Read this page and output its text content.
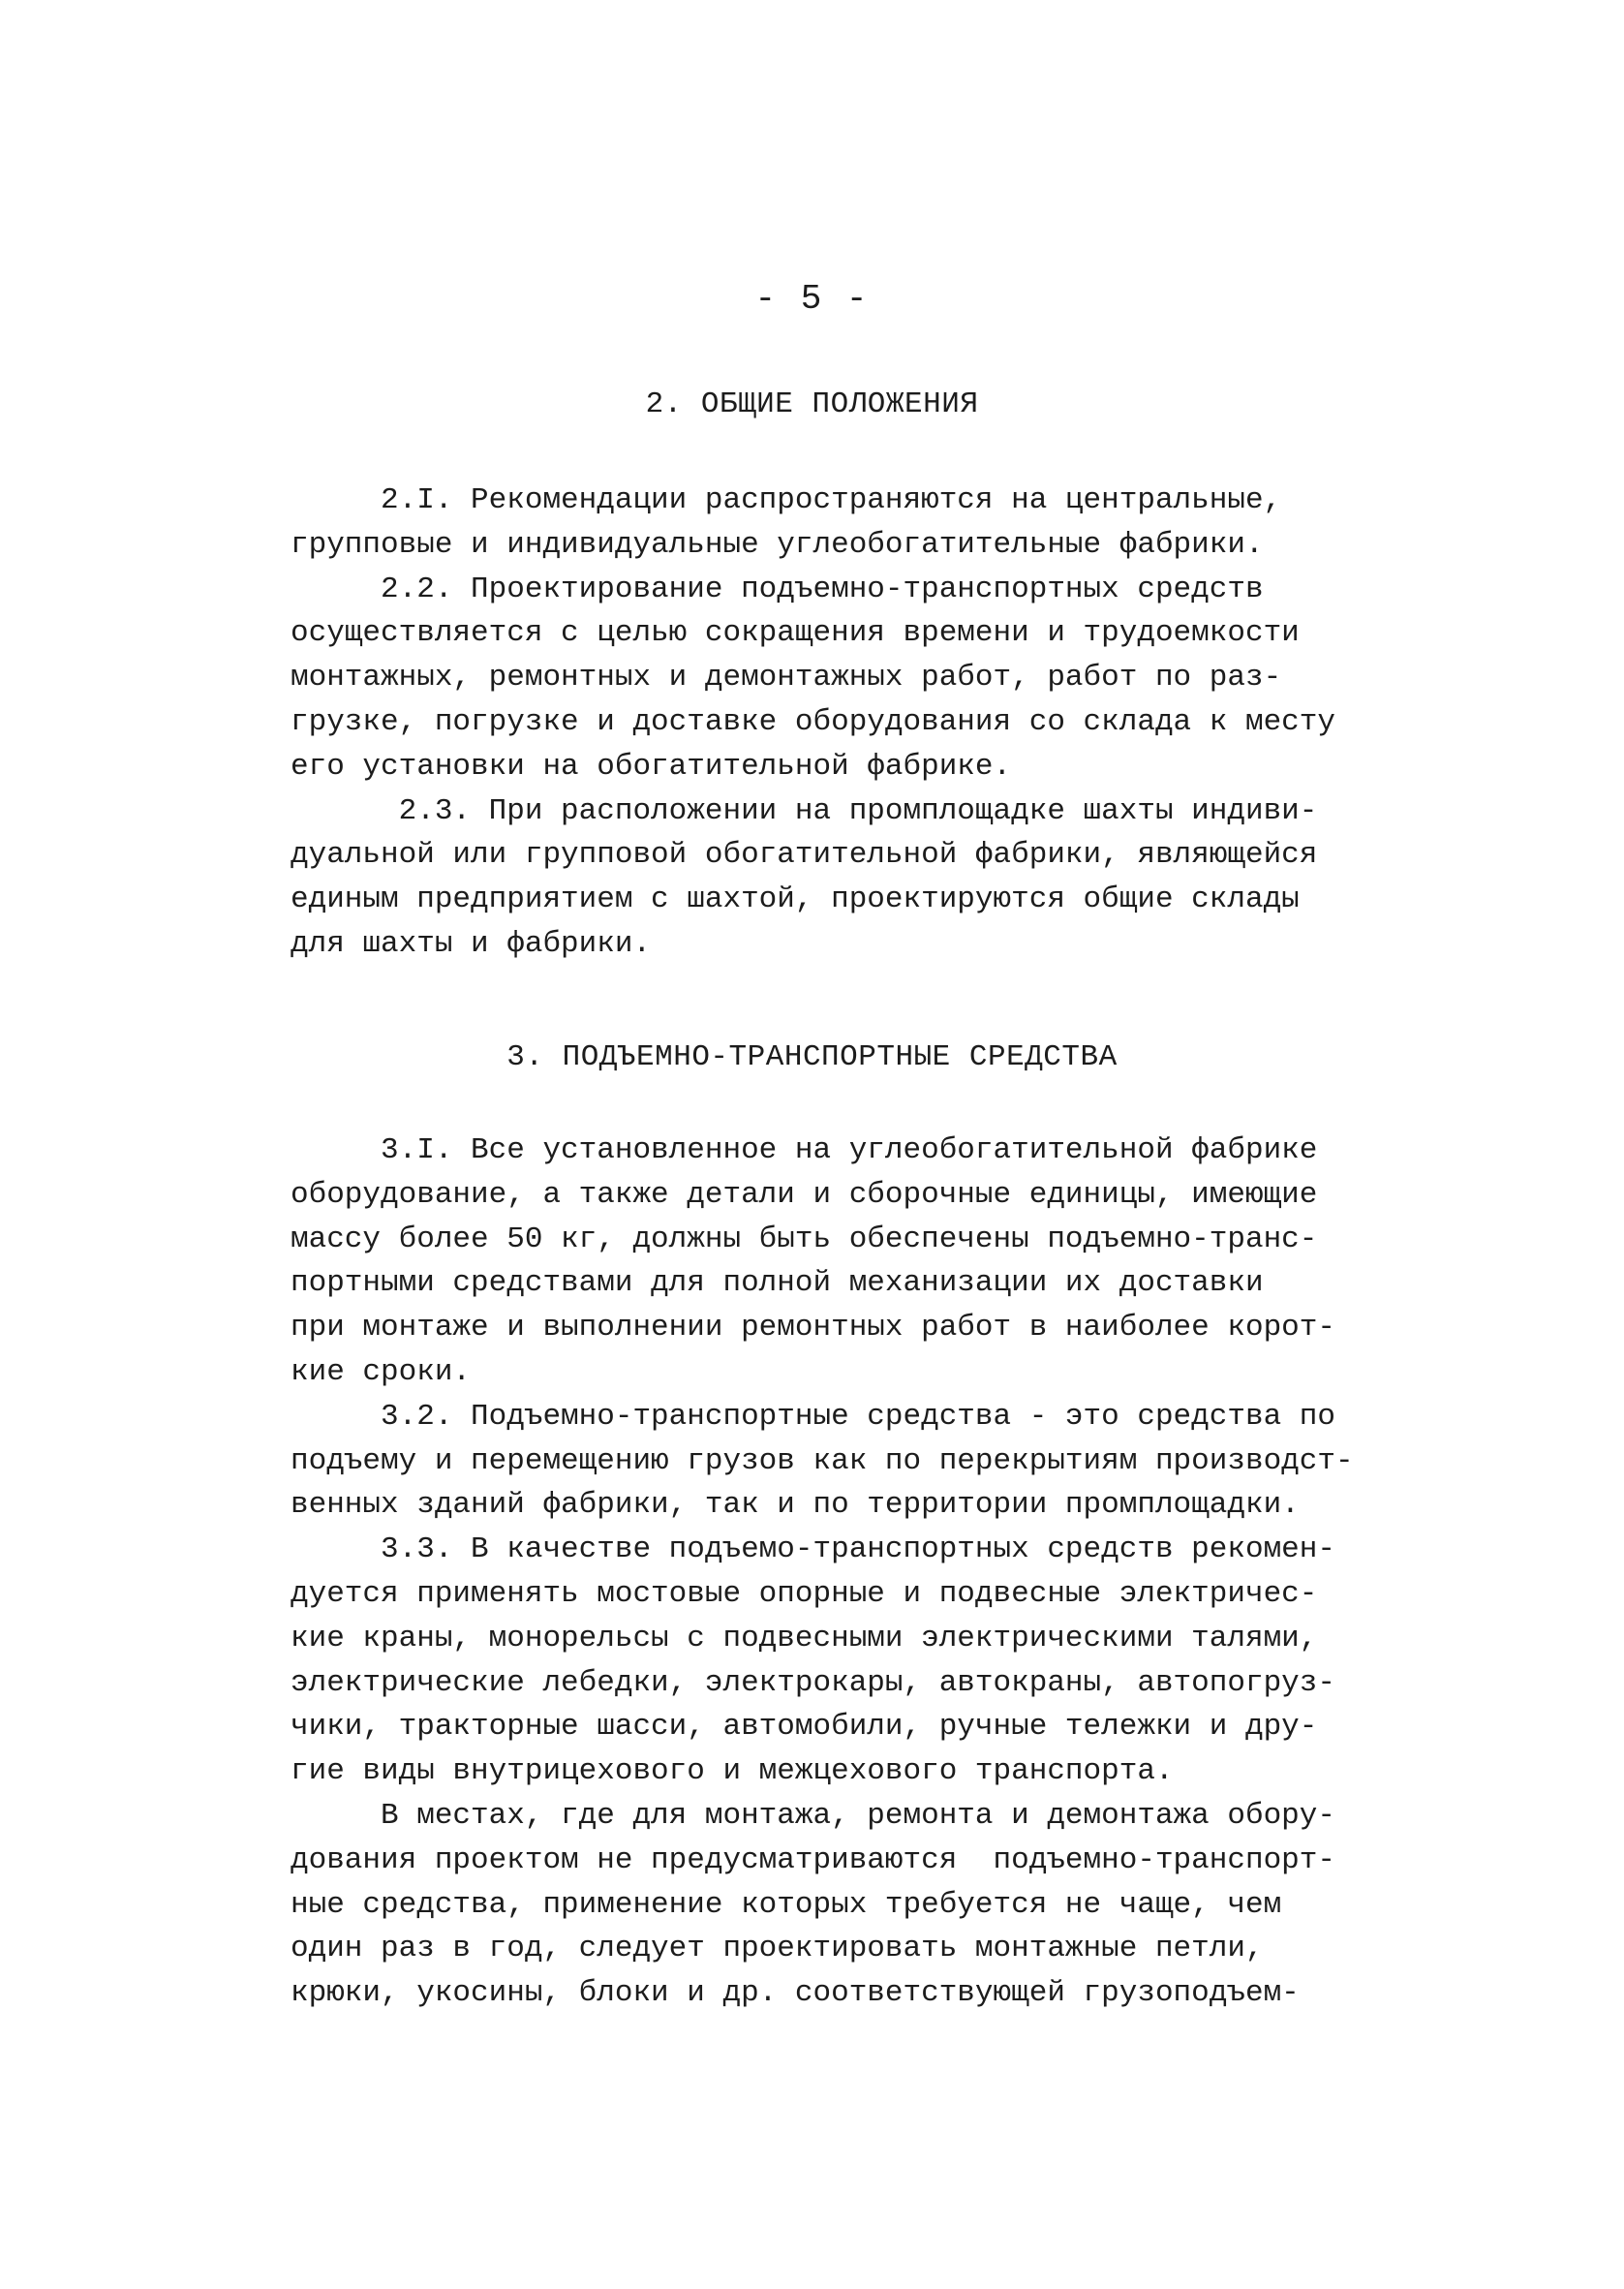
- 5 -
2. ОБЩИЕ ПОЛОЖЕНИЯ
2.I. Рекомендации распространяются на центральные,
групповые и индивидуальные углеобогатительные фабрики.
2.2. Проектирование подъемно-транспортных средств
осуществляется с целью сокращения времени и трудоемкости
монтажных, ремонтных и демонтажных работ, работ по раз-
грузке, погрузке и доставке оборудования со склада к месту
его установки на обогатительной фабрике.
2.3. При расположении на промплощадке шахты индиви-
дуальной или групповой обогатительной фабрики, являющейся
единым предприятием с шахтой, проектируются общие склады
для шахты и фабрики.
3. ПОДЪЕМНО-ТРАНСПОРТНЫЕ СРЕДСТВА
3.I. Все установленное на углеобогатительной фабрике
оборудование, а также детали и сборочные единицы, имеющие
массу более 50 кг, должны быть обеспечены подъемно-транс-
портными средствами для полной механизации их доставки
при монтаже и выполнении ремонтных работ в наиболее корот-
кие сроки.
3.2. Подъемно-транспортные средства - это средства по
подъему и перемещению грузов как по перекрытиям производст-
венных зданий фабрики, так и по территории промплощадки.
3.3. В качестве подъемо-транспортных средств рекомен-
дуется применять мостовые опорные и подвесные электричес-
кие краны, монорельсы с подвесными электрическими талями,
электрические лебедки, электрокары, автокраны, автопогруз-
чики, тракторные шасси, автомобили, ручные тележки и дру-
гие виды внутрицехового и межцехового транспорта.
В местах, где для монтажа, ремонта и демонтажа обору-
дования проектом не предусматриваются  подъемно-транспорт-
ные средства, применение которых требуется не чаще, чем
один раз в год, следует проектировать монтажные петли,
крюки, укосины, блоки и др. соответствующей грузоподъем-
